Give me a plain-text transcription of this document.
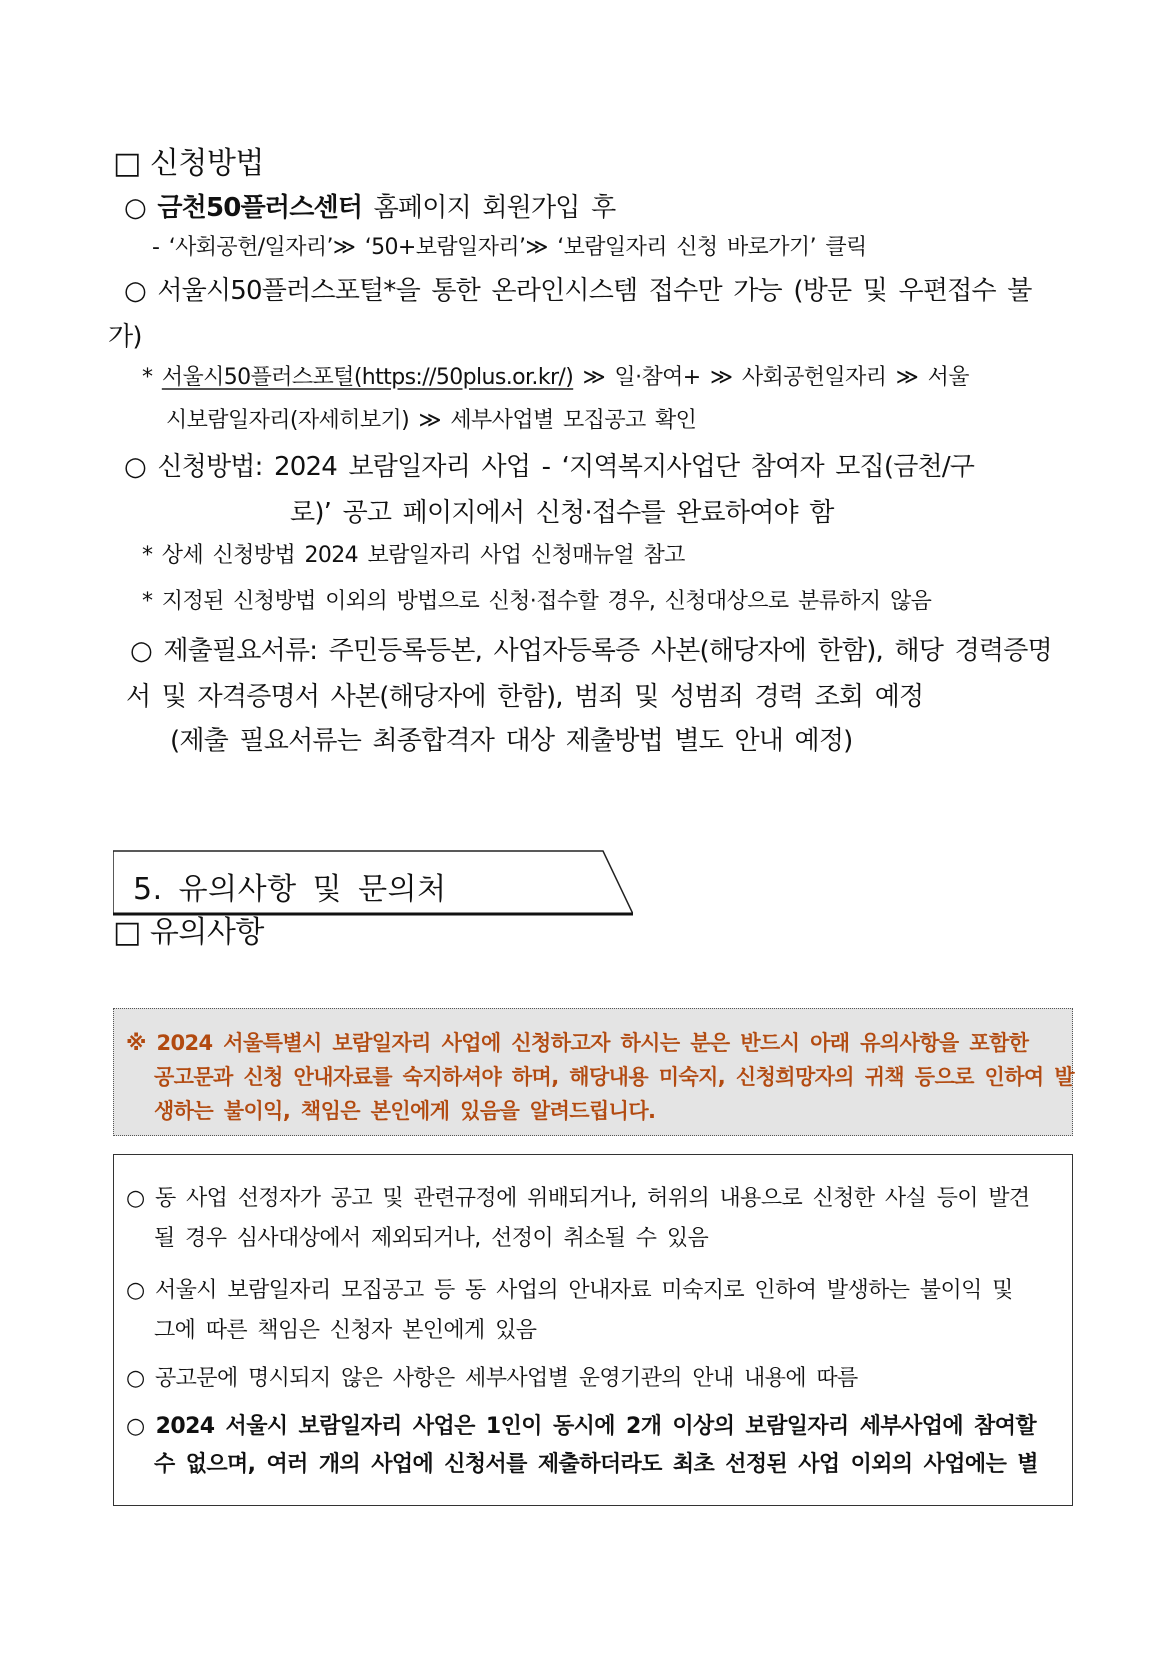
□ 신청방법
○ 금천50플러스센터 홈페이지 회원가입 후
- ‘사회공헌/일자리’≫ ‘50+보람일자리’≫ ‘보람일자리 신청 바로가기’ 클릭
○ 서울시50플러스포털*을 통한 온라인시스템 접수만 가능 (방문 및 우편접수 불
가)
* 서울시50플러스포털(https://50plus.or.kr/) ≫ 일·참여+ ≫ 사회공헌일자리 ≫ 서울
시보람일자리(자세히보기) ≫ 세부사업별 모집공고 확인
○ 신청방법: 2024 보람일자리 사업 - ‘지역복지사업단 참여자 모집(금천/구
로)’ 공고 페이지에서 신청·접수를 완료하여야 함
* 상세 신청방법 2024 보람일자리 사업 신청매뉴얼 참고
* 지정된 신청방법 이외의 방법으로 신청·접수할 경우, 신청대상으로 분류하지 않음
○ 제출필요서류: 주민등록등본, 사업자등록증 사본(해당자에 한함), 해당 경력증명
서 및 자격증명서 사본(해당자에 한함), 범죄 및 성범죄 경력 조회 예정
(제출 필요서류는 최종합격자 대상 제출방법 별도 안내 예정)
5. 유의사항 및 문의처
□ 유의사항
※ 2024 서울특별시 보람일자리 사업에 신청하고자 하시는 분은 반드시 아래 유의사항을 포함한
공고문과 신청 안내자료를 숙지하셔야 하며, 해당내용 미숙지, 신청희망자의 귀책 등으로 인하여 발
생하는 불이익, 책임은 본인에게 있음을 알려드립니다.
○ 동 사업 선정자가 공고 및 관련규정에 위배되거나, 허위의 내용으로 신청한 사실 등이 발견
될 경우 심사대상에서 제외되거나, 선정이 취소될 수 있음
○ 서울시 보람일자리 모집공고 등 동 사업의 안내자료 미숙지로 인하여 발생하는 불이익 및
그에 따른 책임은 신청자 본인에게 있음
○ 공고문에 명시되지 않은 사항은 세부사업별 운영기관의 안내 내용에 따름
○ 2024 서울시 보람일자리 사업은 1인이 동시에 2개 이상의 보람일자리 세부사업에 참여할
수 없으며, 여러 개의 사업에 신청서를 제출하더라도 최초 선정된 사업 이외의 사업에는 별
